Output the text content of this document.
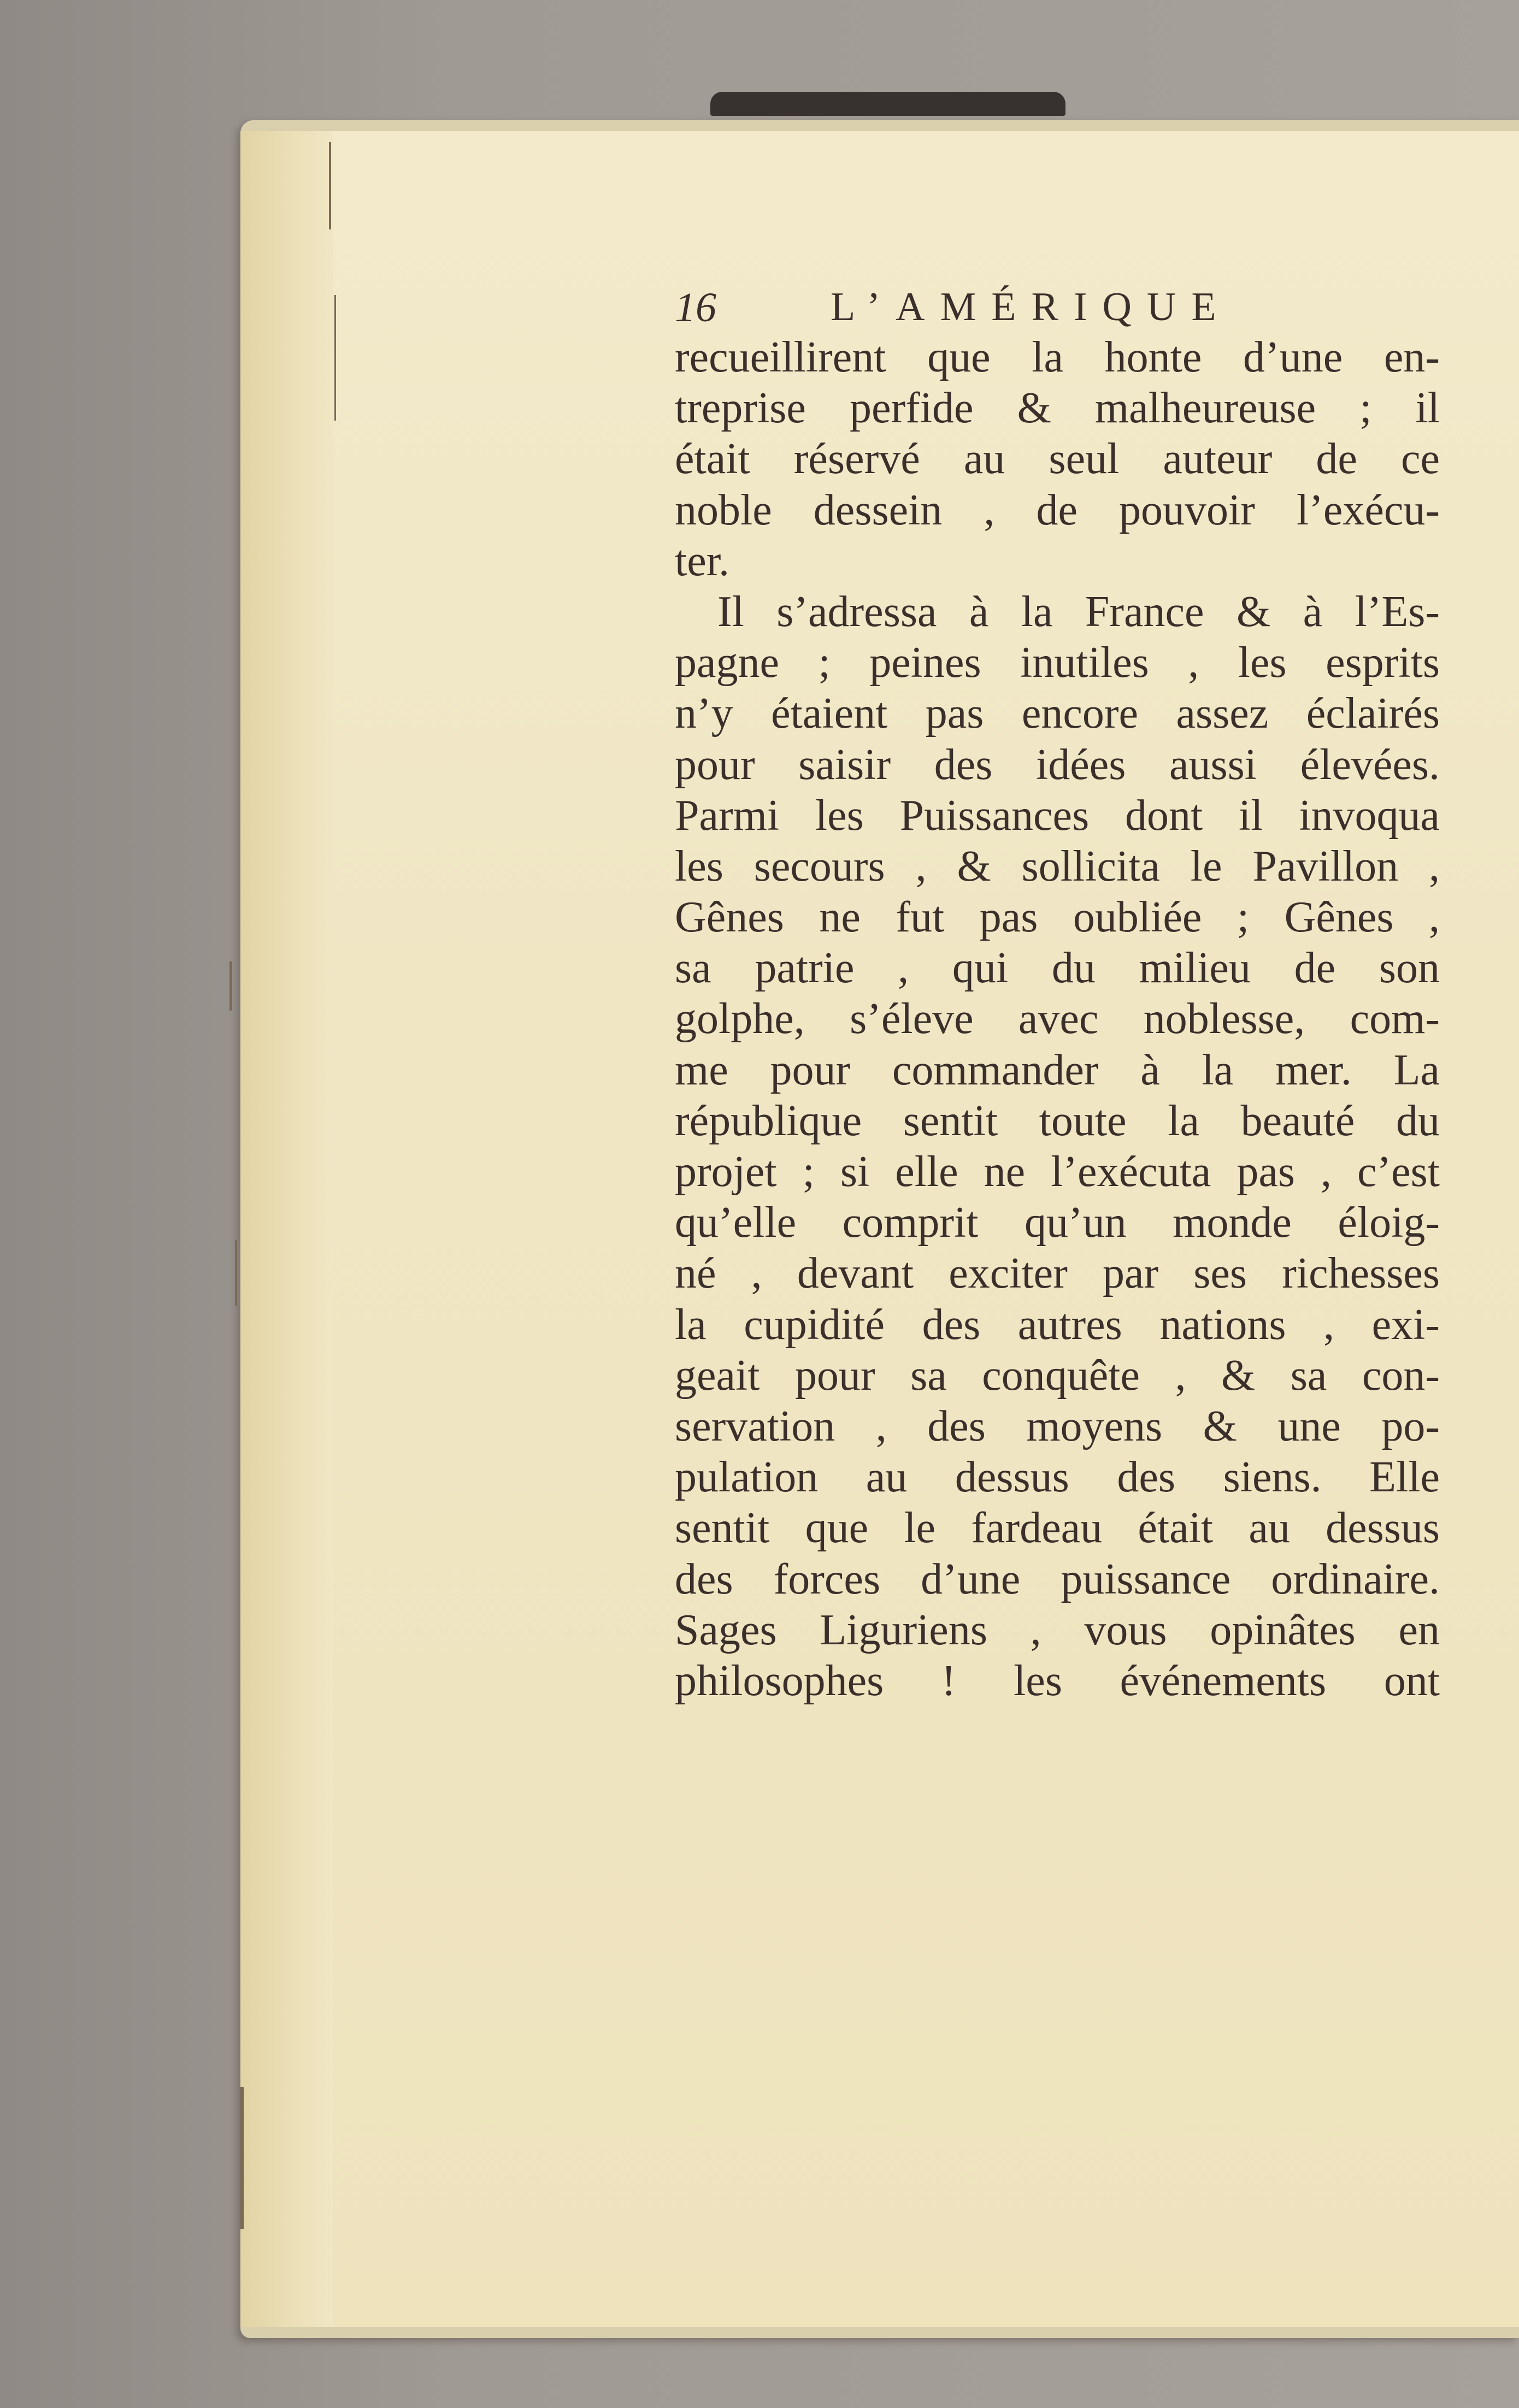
16	L’AMÉRIQUE
recueillirent que la honte d’une en-
treprise perfide & malheureuse ; il
était réservé au seul auteur de ce
noble dessein , de pouvoir l’exécu-
ter.
Il s’adressa à la France & à l’Es-
pagne ; peines inutiles , les esprits
n’y étaient pas encore assez éclairés
pour saisir des idées aussi élevées.
Parmi les Puissances dont il invoqua
les secours , & sollicita le Pavillon ,
Gênes ne fut pas oubliée ; Gênes ,
sa patrie , qui du milieu de son
golphe, s’éleve avec noblesse, com-
me pour commander à la mer. La
république sentit toute la beauté du
projet ; si elle ne l’exécuta pas , c’est
qu’elle comprit qu’un monde éloig-
né , devant exciter par ses richesses
la cupidité des autres nations , exi-
geait pour sa conquête , & sa con-
servation , des moyens & une po-
pulation au dessus des siens. Elle
sentit que le fardeau était au dessus
des forces d’une puissance ordinaire.
Sages Liguriens , vous opinâtes en
philosophes ! les événements ont
